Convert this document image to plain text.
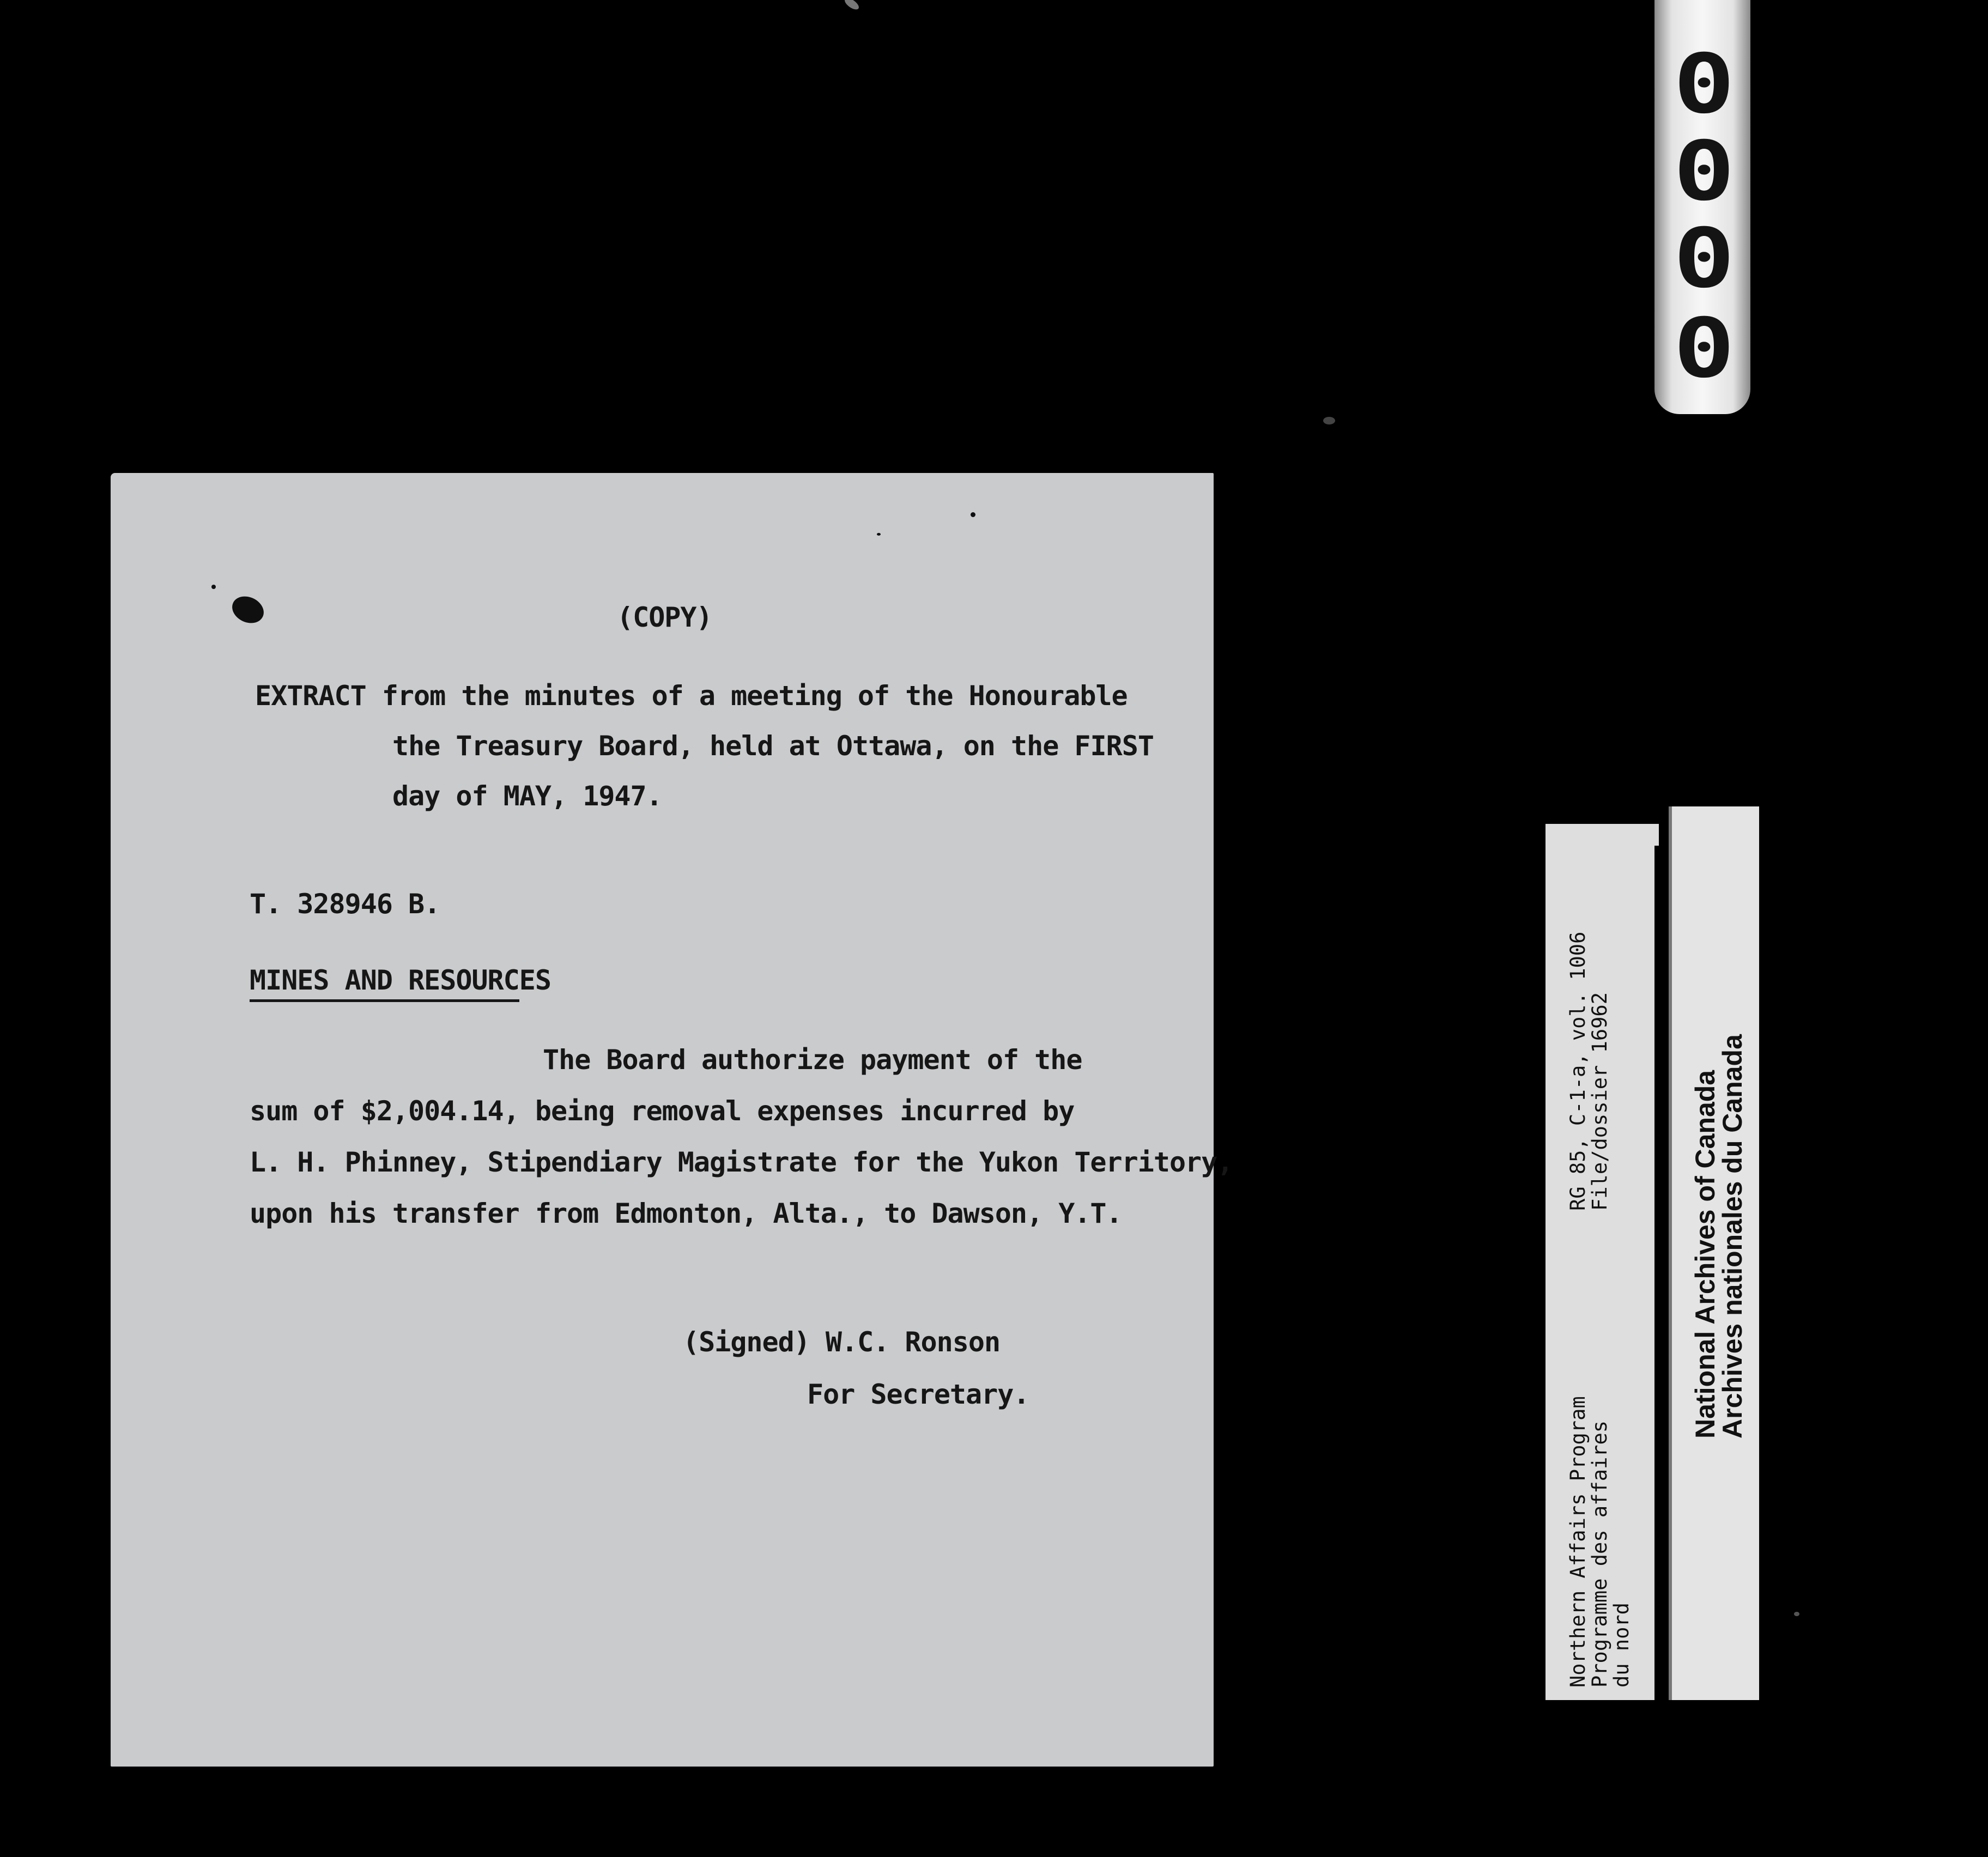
(COPY)
EXTRACT from the minutes of a meeting of the Honourable
the Treasury Board, held at Ottawa, on the FIRST
day of MAY, 1947.
T. 328946 B.
MINES AND RESOURCES
The Board authorize payment of the
sum of $2,004.14, being removal expenses incurred by
L. H. Phinney, Stipendiary Magistrate for the Yukon Territory,
upon his transfer from Edmonton, Alta., to Dawson, Y.T.
(Signed) W.C. Ronson
For Secretary.
0
0
0
0
Northern Affairs Program
Programme des affaires
du nord
RG 85, C-1-a, vol. 1006
File/dossier 16962	National Archives of Canada
Archives nationales du Canada
